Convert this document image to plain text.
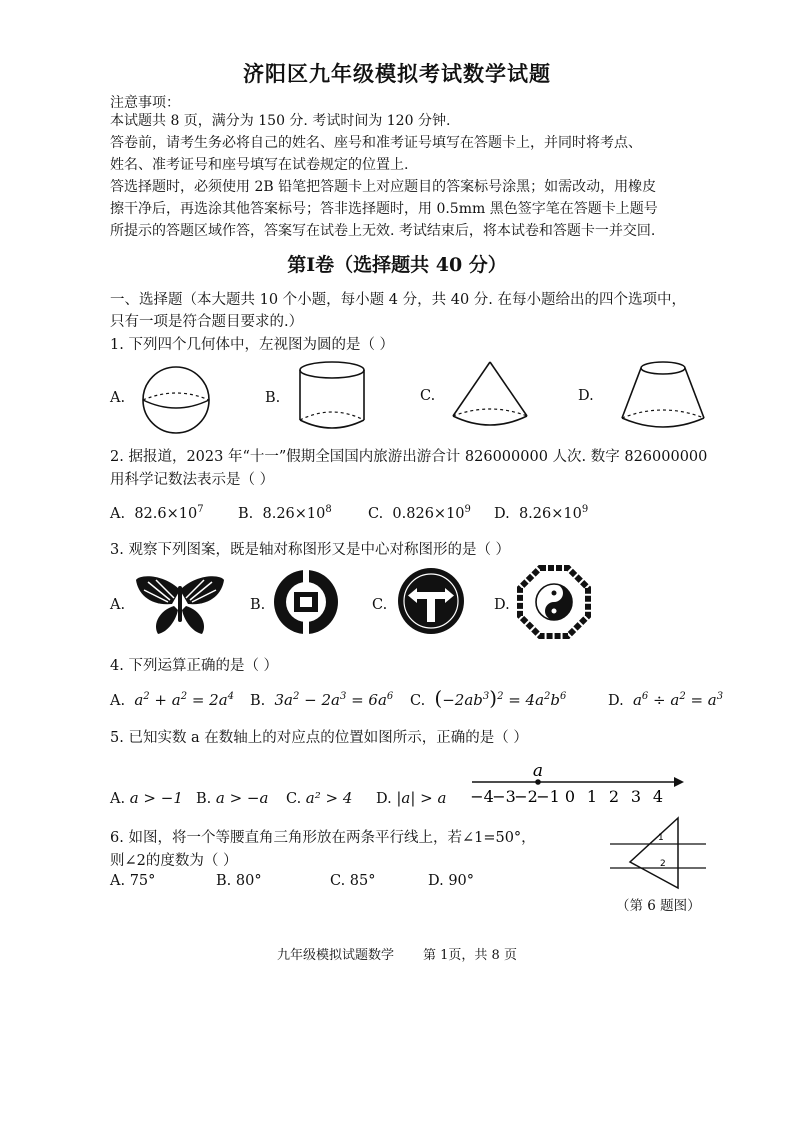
济阳区九年级模拟考试数学试题
注意事项：
本试题共 8 页，满分为 150 分. 考试时间为 120 分钟.
答卷前，请考生务必将自己的姓名、座号和准考证号填写在答题卡上，并同时将考点、
姓名、准考证号和座号填写在试卷规定的位置上.
答选择题时，必须使用 2B 铅笔把答题卡上对应题目的答案标号涂黑；如需改动，用橡皮
擦干净后，再选涂其他答案标号；答非选择题时，用 0.5mm 黑色签字笔在答题卡上题号
所提示的答题区域作答，答案写在试卷上无效. 考试结束后，将本试卷和答题卡一并交回.
第Ⅰ卷（选择题共 40 分）
一、选择题（本大题共 10 个小题，每小题 4 分，共 40 分. 在每小题给出的四个选项中，
只有一项是符合题目要求的.）
1. 下列四个几何体中，左视图为圆的是（ ）
A.	B.	C.	D.
2. 据报道，2023 年“十一”假期全国国内旅游出游合计 826000000 人次. 数字 826000000
用科学记数法表示是（ ）
A. $82.6\times 10^7$ B. $8.26\times 10^8$	C. $0.826\times 10^9$ D. $8.26\times 10^9$
3. 观察下列图案，既是轴对称图形又是中心对称图形的是（ ）
A.	B.	C.	D.
4. 下列运算正确的是（ ）
A. $a^2 + a^2 = 2a^4$ B. $3a^2 - 2a^3 = 6a^6$ C. $(-2ab^3)^2 = 4a^2b^6$	D. $a^6 \div a^2 = a^3$
5. 已知实数 a 在数轴上的对应点的位置如图所示，正确的是（ ）
A. a > −1 B. a > −a C. a² > 4 D. |a| > a
a
−4
−3
−2
−1 0 1 2 3 4
6. 如图，将一个等腰直角三角形放在两条平行线上，若∠1=50°，
则∠2的度数为（ ）
A. 75°	B. 80°	C. 85°	D. 90°
1
2
（第 6 题图）
九年级模拟试题数学 第 1页，共 8 页
